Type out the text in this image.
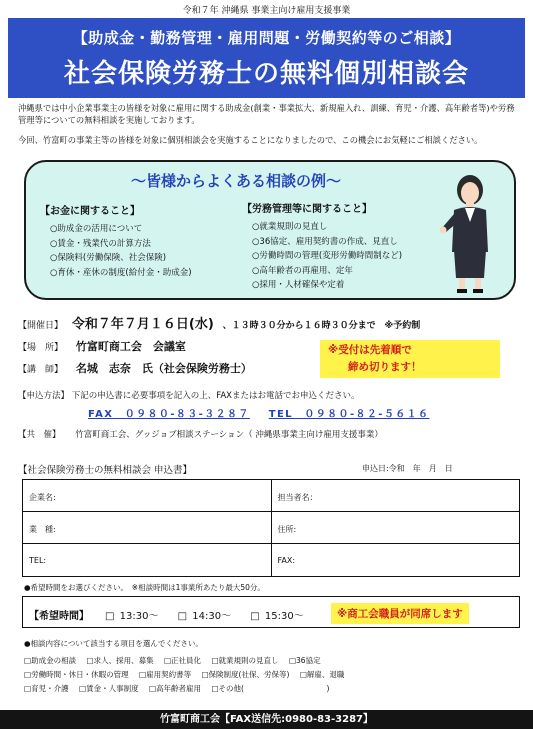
令和７年 沖縄県 事業主向け雇用支援事業
【助成金・勤務管理・雇用問題・労働契約等のご相談】
社会保険労務士の無料個別相談会

沖縄県では中小企業事業主の皆様を対象に雇用に関する助成金(創業・事業拡大、新規雇入れ、訓練、育児・介護、高年齢者等)や労務管理等についての無料相談を実施しております。

今回、竹富町の事業主等の皆様を対象に個別相談会を実施することになりましたので、この機会にお気軽にご相談ください。

～皆様からよくある相談の例～
【お金に関すること】
○助成金の活用について
○賃金・残業代の計算方法
○保険料(労働保険、社会保険)
○育休・産休の制度(給付金・助成金)
【労務管理等に関すること】
○就業規則の見直し
○36協定、雇用契約書の作成、見直し
○労働時間の管理(変形労働時間制など)
○高年齢者の再雇用、定年
○採用・人材確保や定着
【開催日】 令和７年７月１６日(水) 、１３時３０分から１６時３０分まで ※予約制
【場　所】 竹富町商工会　会議室
【講　師】 名城　志奈　氏（社会保険労務士）
※受付は先着順で
締め切ります！
【申込方法】 下記の申込書に必要事項を記入の上、FAXまたはお電話でお申込ください。
FAX　０９８０-８３-３２８７ TEL　０９８０-８２-５６１６
【共　催】 竹富町商工会、グッジョブ相談ステーション（ 沖縄県事業主向け雇用支援事業）
【社会保険労務士の無料相談会 申込書】	申込日:令和　年　月　日
企業名:	担当者名：
業　種:	住所:
TEL:	FAX:
●希望時間をお選びください。　※相談時間は1事業所あたり最大50分。
【希望時間】 □ 13:30～ □ 14:30～ □ 15:30～	※商工会職員が同席します
●相談内容について該当する項目を選んでください。
□助成金の相談 □求人、採用、募集 □正社員化 □就業規則の見直し □36協定
□労働時間・休日・休暇の管理 □雇用契約書等 □保険制度(社保、労保等) □解雇、退職
□育児・介護 □賃金・人事制度 □高年齢者雇用 □その他(　　　　　　　　　　　)
竹富町商工会【FAX送信先:0980-83-3287】
